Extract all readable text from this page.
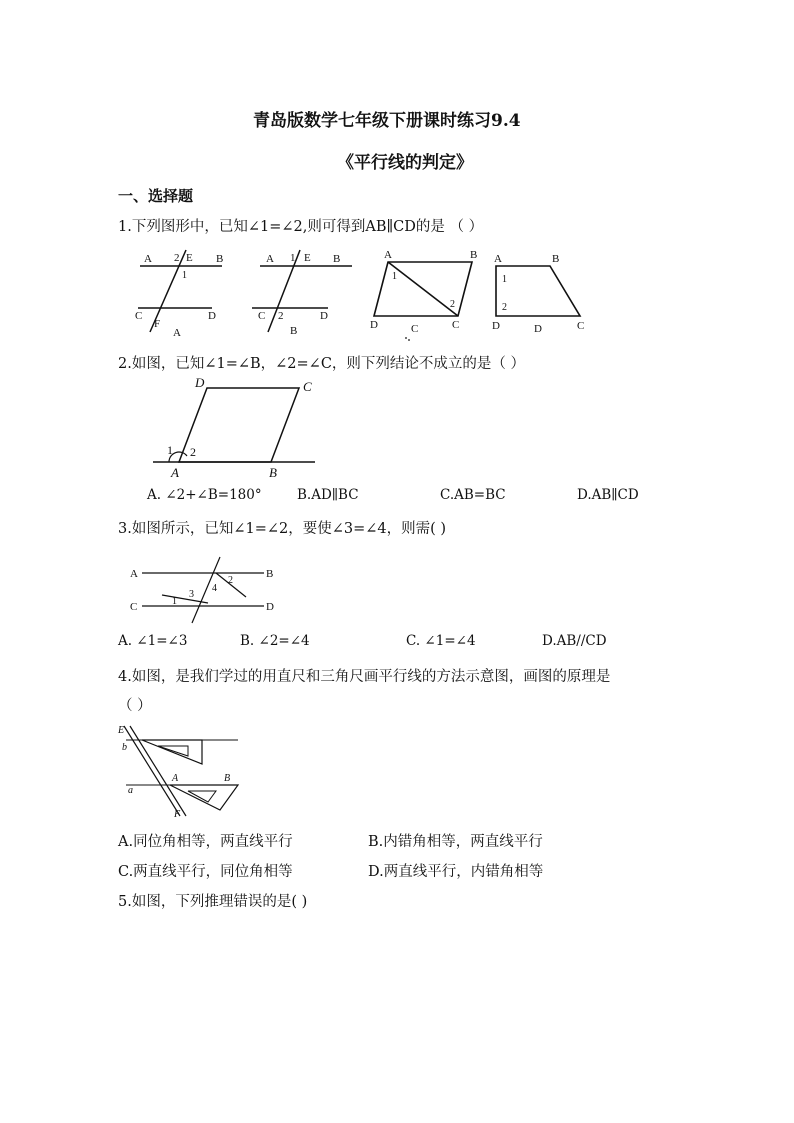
青岛版数学七年级下册课时练习9.4
《平行线的判定》
一、选择题
1.下列图形中，已知∠1=∠2,则可得到AB∥CD的是 （ ）
A 2 E B
1
C
F
D
A
A 1 E B
C 2	D
B
A	B
1
2
D	C	C
A	B
1
2
D	D	C
2.如图，已知∠1=∠B，∠2=∠C，则下列结论不成立的是（ ）
D	C
1 2
A	B
A. ∠2+∠B=180°	B.AD∥BC	C.AB=BC	D.AB∥CD
3.如图所示，已知∠1=∠2，要使∠3=∠4，则需( )
A	B
C	D
1
2
3
4
A. ∠1=∠3	B. ∠2=∠4	C. ∠1=∠4	D.AB//CD
4.如图，是我们学过的用直尺和三角尺画平行线的方法示意图，画图的原理是
（ ）
E
b
A	B
a
F
A.同位角相等，两直线平行	B.内错角相等，两直线平行
C.两直线平行，同位角相等	D.两直线平行，内错角相等
5.如图，下列推理错误的是( )
